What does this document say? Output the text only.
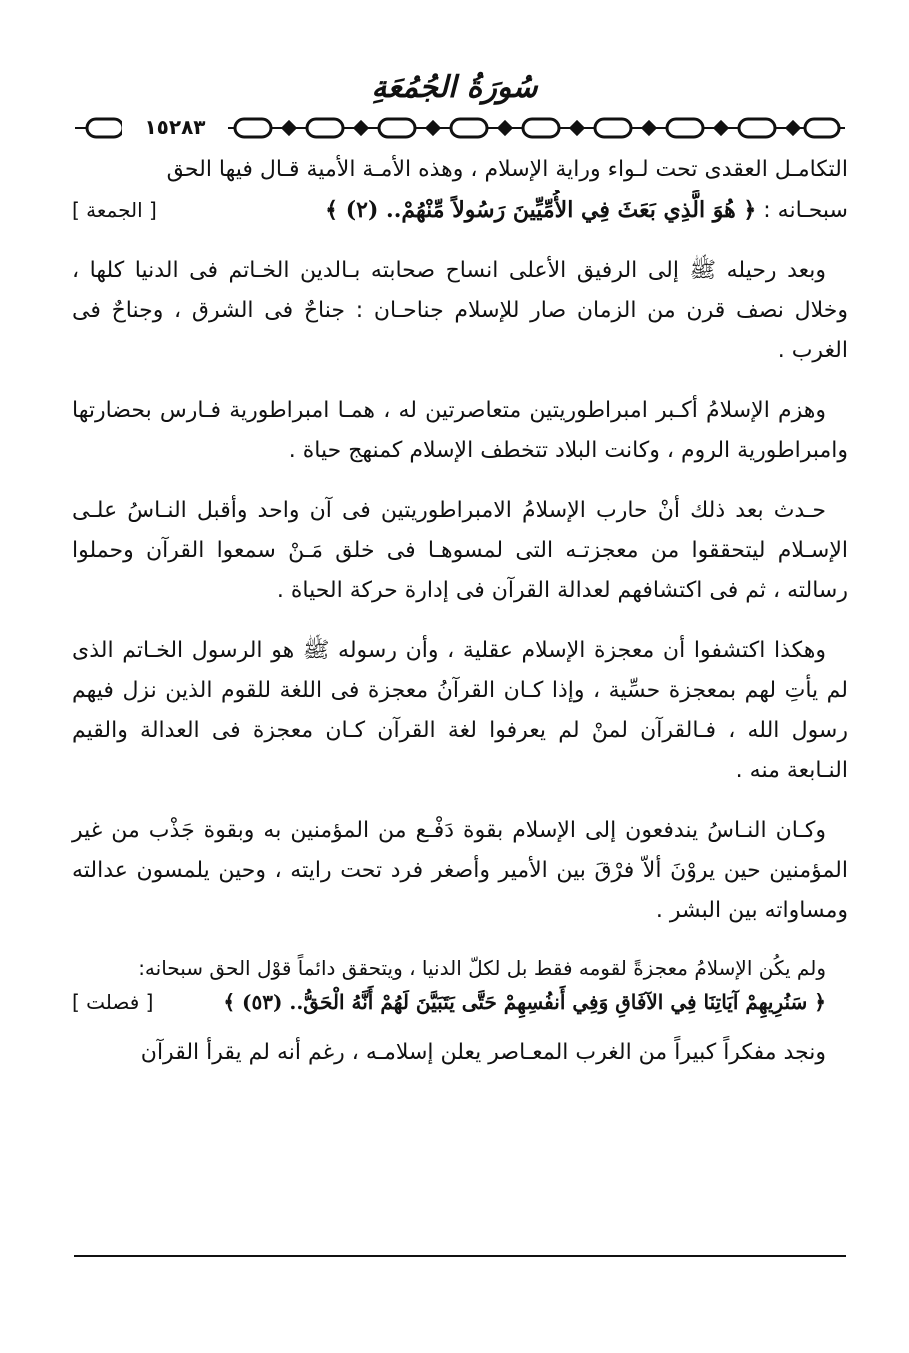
سُورَةُ الجُمُعَةِ
١٥٢٨٣

التكامـل العقدى تحت لـواء وراية الإسلام ، وهذه الأمـة الأمية قـال فيها الحق
سبحـانه : ﴿ هُوَ الَّذِي بَعَثَ فِي الأُمِّيِّينَ رَسُولاً مِّنْهُمْ.. (٢) ﴾
[ الجمعة ]

وبعد رحيله ﷺ إلى الرفيق الأعلى انساح صحابته بـالدين الخـاتم فى الدنيا كلها ، وخلال نصف قرن من الزمان صار للإسلام جناحـان : جناحٌ فى الشرق ، وجناحٌ فى الغرب .

وهزم الإسلامُ أكـبر امبراطوريتين متعاصرتين له ، همـا امبراطورية فـارس بحضارتها وامبراطورية الروم ، وكانت البلاد تتخطف الإسلام كمنهج حياة .

حـدث بعد ذلك أنْ حارب الإسلامُ الامبراطوريتين فى آن واحد وأقبل النـاسُ علـى الإسـلام ليتحققوا من معجزتـه التى لمسوهـا فى خلق مَـنْ سمعوا القرآن وحملوا رسالته ، ثم فى اكتشافهم لعدالة القرآن فى إدارة حركة الحياة .

وهكذا اكتشفوا أن معجزة الإسلام عقلية ، وأن رسوله ﷺ هو الرسول الخـاتم الذى لم يأتِ لهم بمعجزة حسِّية ، وإذا كـان القرآنُ معجزة فى اللغة للقوم الذين نزل فيهم رسول الله ، فـالقرآن لمنْ لم يعرفوا لغة القرآن كـان معجزة فى العدالة والقيم النـابعة منه .

وكـان النـاسُ يندفعون إلى الإسلام بقوة دَفْـع من المؤمنين به وبقوة جَذْب من غير المؤمنين حين يروْنَ ألاّ فرْقَ بين الأمير وأصغر فرد تحت رايته ، وحين يلمسون عدالته ومساواته بين البشر .

ولم يكُن الإسلامُ معجزةً لقومه فقط بل لكلّ الدنيا ، ويتحقق دائماً قوْل الحق سبحانه:
﴿ سَنُرِيهِمْ آيَاتِنَا فِي الآفَاقِ وَفِي أَنفُسِهِمْ حَتَّى يَتَبَيَّنَ لَهُمْ أَنَّهُ الْحَقُّ.. (٥٣) ﴾
[ فصلت ]

ونجد مفكراً كبيراً من الغرب المعـاصر يعلن إسلامـه ، رغم أنه لم يقرأ القرآن
